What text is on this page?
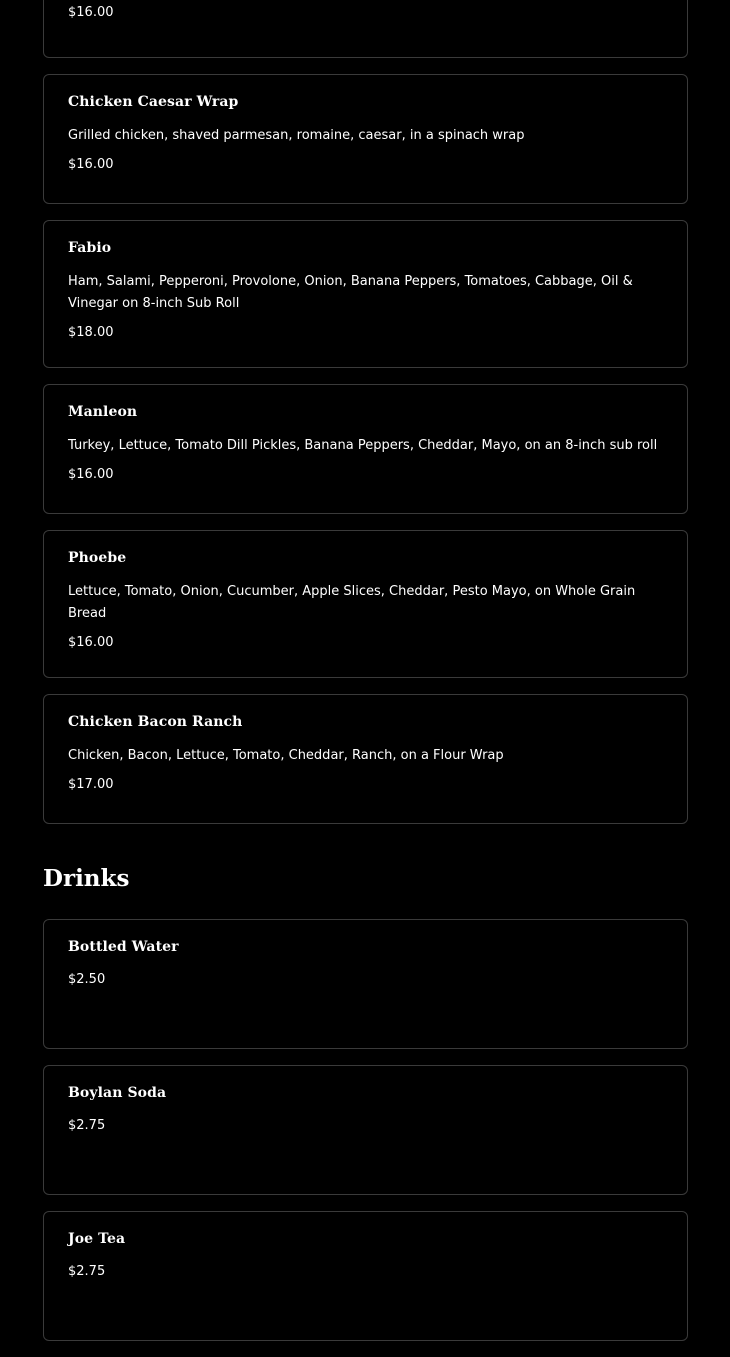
$16.00
Chicken Caesar Wrap
Grilled chicken, shaved parmesan, romaine, caesar, in a spinach wrap
$16.00
Fabio
Ham, Salami, Pepperoni, Provolone, Onion, Banana Peppers, Tomatoes, Cabbage, Oil & Vinegar on 8-inch Sub Roll
$18.00
Manleon
Turkey, Lettuce, Tomato Dill Pickles, Banana Peppers, Cheddar, Mayo, on an 8-inch sub roll
$16.00
Phoebe
Lettuce, Tomato, Onion, Cucumber, Apple Slices, Cheddar, Pesto Mayo, on Whole Grain Bread
$16.00
Chicken Bacon Ranch
Chicken, Bacon, Lettuce, Tomato, Cheddar, Ranch, on a Flour Wrap
$17.00
Drinks
Bottled Water
$2.50
Boylan Soda
$2.75
Joe Tea
$2.75
